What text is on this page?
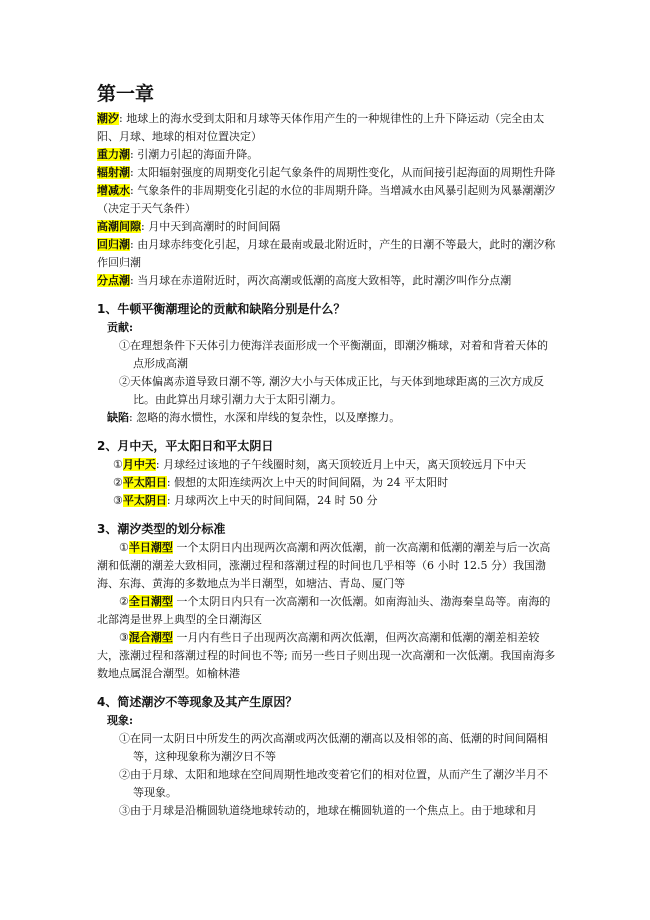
第一章

潮汐: 地球上的海水受到太阳和月球等天体作用产生的一种规律性的上升下降运动（完全由太阳、月球、地球的相对位置决定）

重力潮: 引潮力引起的海面升降。

辐射潮: 太阳辐射强度的周期变化引起气象条件的周期性变化，从而间接引起海面的周期性升降

增减水: 气象条件的非周期变化引起的水位的非周期升降。当增减水由风暴引起则为风暴潮潮汐（决定于天气条件）

高潮间隙: 月中天到高潮时的时间间隔

回归潮: 由月球赤纬变化引起，月球在最南或最北附近时，产生的日潮不等最大，此时的潮汐称作回归潮

分点潮: 当月球在赤道附近时，两次高潮或低潮的高度大致相等，此时潮汐叫作分点潮

1、牛顿平衡潮理论的贡献和缺陷分别是什么？

贡献:

①在理想条件下天体引力使海洋表面形成一个平衡潮面，即潮汐椭球，对着和背着天体的点形成高潮

②天体偏离赤道导致日潮不等, 潮汐大小与天体成正比，与天体到地球距离的三次方成反比。由此算出月球引潮力大于太阳引潮力。

缺陷: 忽略的海水惯性，水深和岸线的复杂性，以及摩擦力。

2、月中天，平太阳日和平太阴日

①月中天: 月球经过该地的子午线圈时刻，离天顶较近月上中天，离天顶较远月下中天

②平太阳日: 假想的太阳连续两次上中天的时间间隔，为 24 平太阳时

③平太阴日: 月球两次上中天的时间间隔，24 时 50 分

3、潮汐类型的划分标准

①半日潮型 一个太阴日内出现两次高潮和两次低潮，前一次高潮和低潮的潮差与后一次高潮和低潮的潮差大致相同，涨潮过程和落潮过程的时间也几乎相等（6 小时 12.5 分）我国渤海、东海、黄海的多数地点为半日潮型，如塘沽、青岛、厦门等

②全日潮型 一个太阴日内只有一次高潮和一次低潮。如南海汕头、渤海秦皇岛等。南海的北部湾是世界上典型的全日潮海区

③混合潮型 一月内有些日子出现两次高潮和两次低潮，但两次高潮和低潮的潮差相差较大，涨潮过程和落潮过程的时间也不等; 而另一些日子则出现一次高潮和一次低潮。我国南海多数地点属混合潮型。如榆林港

4、简述潮汐不等现象及其产生原因？

现象:

①在同一太阴日中所发生的两次高潮或两次低潮的潮高以及相邻的高、低潮的时间间隔相等，这种现象称为潮汐日不等

②由于月球、太阳和地球在空间周期性地改变着它们的相对位置，从而产生了潮汐半月不等现象。

③由于月球是沿椭圆轨道绕地球转动的，地球在椭圆轨道的一个焦点上。由于地球和月
